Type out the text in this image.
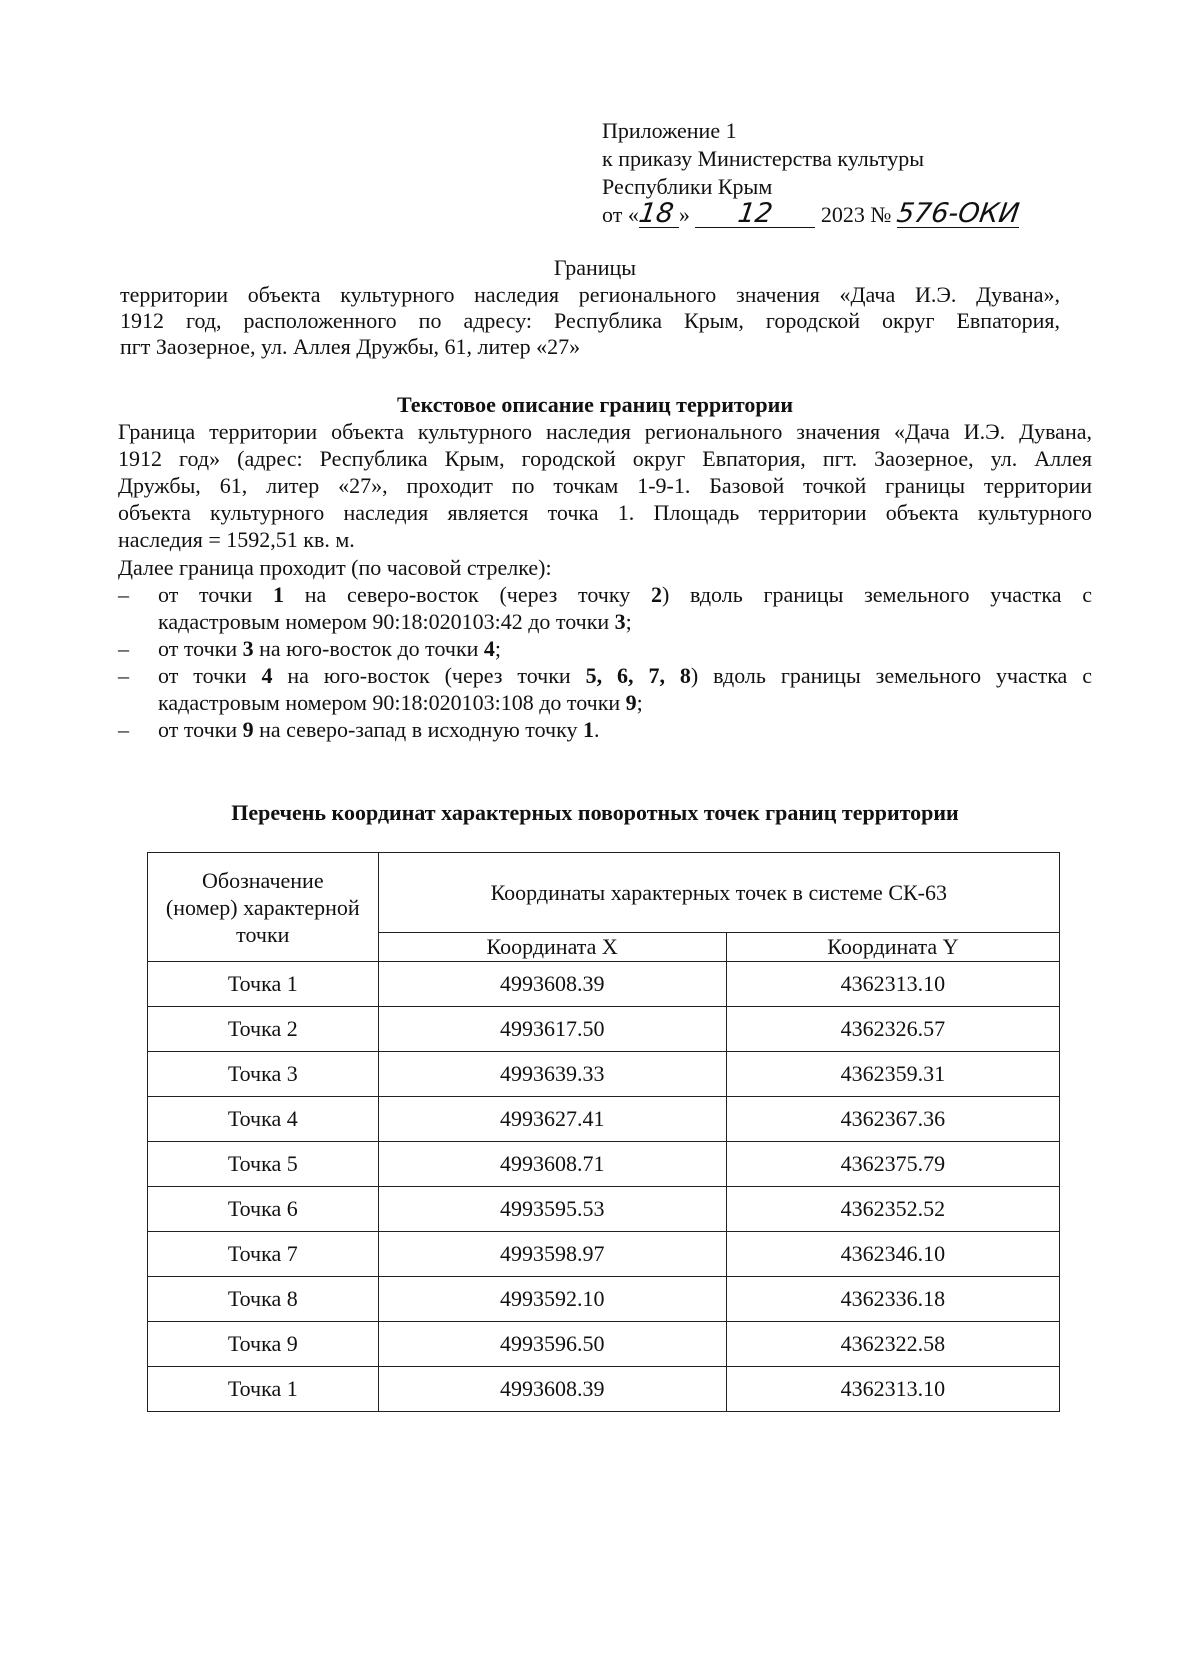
Приложение 1
к приказу Министерства культуры
Республики Крым
от «18 » 12 2023 № 576-ОКИ
Границы
территории объекта культурного наследия регионального значения «Дача И.Э. Дувана»,
1912 год, расположенного по адресу: Республика Крым, городской округ Евпатория,
пгт Заозерное, ул. Аллея Дружбы, 61, литер «27»
Текстовое описание границ территории
Граница территории объекта культурного наследия регионального значения «Дача И.Э. Дувана,
1912 год» (адрес: Республика Крым, городской округ Евпатория, пгт. Заозерное, ул. Аллея
Дружбы, 61, литер «27», проходит по точкам 1-9-1. Базовой точкой границы территории
объекта культурного наследия является точка 1. Площадь территории объекта культурного
наследия = 1592,51 кв. м.
Далее граница проходит (по часовой стрелке):
– от точки 1 на северо-восток (через точку 2) вдоль границы земельного участка с
кадастровым номером 90:18:020103:42 до точки 3;
– от точки 3 на юго-восток до точки 4;
– от точки 4 на юго-восток (через точки 5, 6, 7, 8) вдоль границы земельного участка с
кадастровым номером 90:18:020103:108 до точки 9;
– от точки 9 на северо-запад в исходную точку 1.
Перечень координат характерных поворотных точек границ территории
Обозначение
(номер) характерной
точки	Координаты характерных точек в системе СК-63	
	Координата X	Координата Y
Точка 1	4993608.39	4362313.10
Точка 2	4993617.50	4362326.57
Точка 3	4993639.33	4362359.31
Точка 4	4993627.41	4362367.36
Точка 5	4993608.71	4362375.79
Точка 6	4993595.53	4362352.52
Точка 7	4993598.97	4362346.10
Точка 8	4993592.10	4362336.18
Точка 9	4993596.50	4362322.58
Точка 1	4993608.39	4362313.10
